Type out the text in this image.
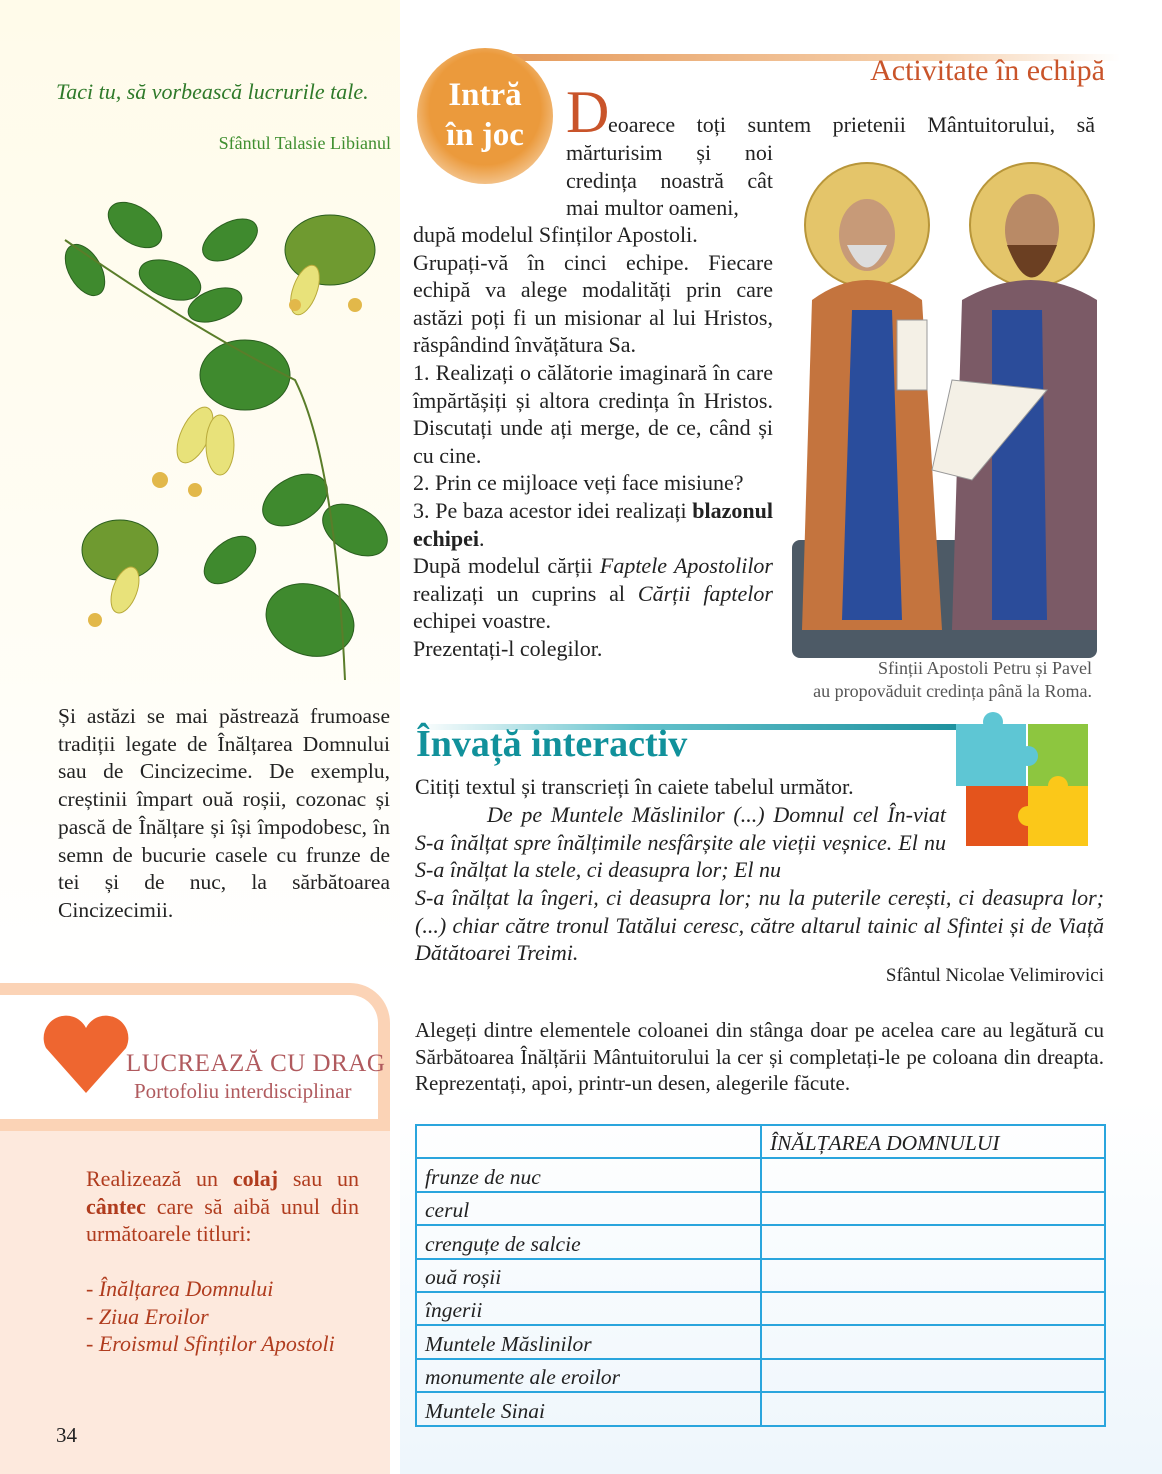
Taci tu, să vorbească lucrurile tale.
Sfântul Talasie Libianul

Și astăzi se mai păstrează frumoase tradiții legate de Înălțarea Domnului sau de Cincizecime. De exemplu, creștinii împart ouă roșii, cozonac și pască de Înălțare și își împodobesc, în semn de bucurie casele cu frunze de tei și de nuc, la sărbătoarea Cincizecimii.

Intră
în joc
Activitate în echipă
D
eoarece toți suntem prietenii Mântuitorului, să

mărturisim și noi credința noastră cât mai multor oameni,

după modelul Sfinților Apostoli.

Grupați-vă în cinci echipe. Fiecare echipă va alege modalități prin care astăzi poți fi un misionar al lui Hristos, răspândind învățătura Sa.

1. Realizați o călătorie imaginară în care împărtășiți și altora credința în Hristos. Discutați unde ați merge, de ce, când și cu cine.

2. Prin ce mijloace veți face misiune?

3. Pe baza acestor idei realizați blazonul echipei.

După modelul cărții Faptele Apostolilor realizați un cuprins al Cărții faptelor echipei voastre.

Prezentați-l colegilor.

Sfinții Apostoli Petru și Pavel
au propovăduit credința până la Roma.
Învață interactiv
Citiți textul și transcrieți în caiete tabelul următor.

De pe Muntele Măslinilor (...) Domnul cel În-viat S-a înălțat spre înălțimile nesfârșite ale vieții veșnice. El nu S-a înălțat la stele, ci deasupra lor; El nu

S-a înălțat la îngeri, ci deasupra lor; nu la puterile cerești, ci deasupra lor; (...) chiar către tronul Tatălui ceresc, către altarul tainic al Sfintei și de Viață Dătătoarei Treimi.

Sfântul Nicolae Velimirovici

Alegeți dintre elementele coloanei din stânga doar pe acelea care au legătură cu Sărbătoarea Înălțării Mântuitorului la cer și completați-le pe coloana din dreapta. Reprezentați, apoi, printr-un desen, alegerile făcute.

	ÎNĂLȚAREA DOMNULUI
frunze de nuc	
cerul	
crenguțe de salcie	
ouă roșii	
îngerii	
Muntele Măslinilor	
monumente ale eroilor	
Muntele Sinai	
LUCREAZĂ CU DRAG
Portofoliu interdisciplinar

Realizează un colaj sau un cântec care să aibă unul din următoarele titluri:

- Înălțarea Domnului
- Ziua Eroilor
- Eroismul Sfinților Apostoli
34
